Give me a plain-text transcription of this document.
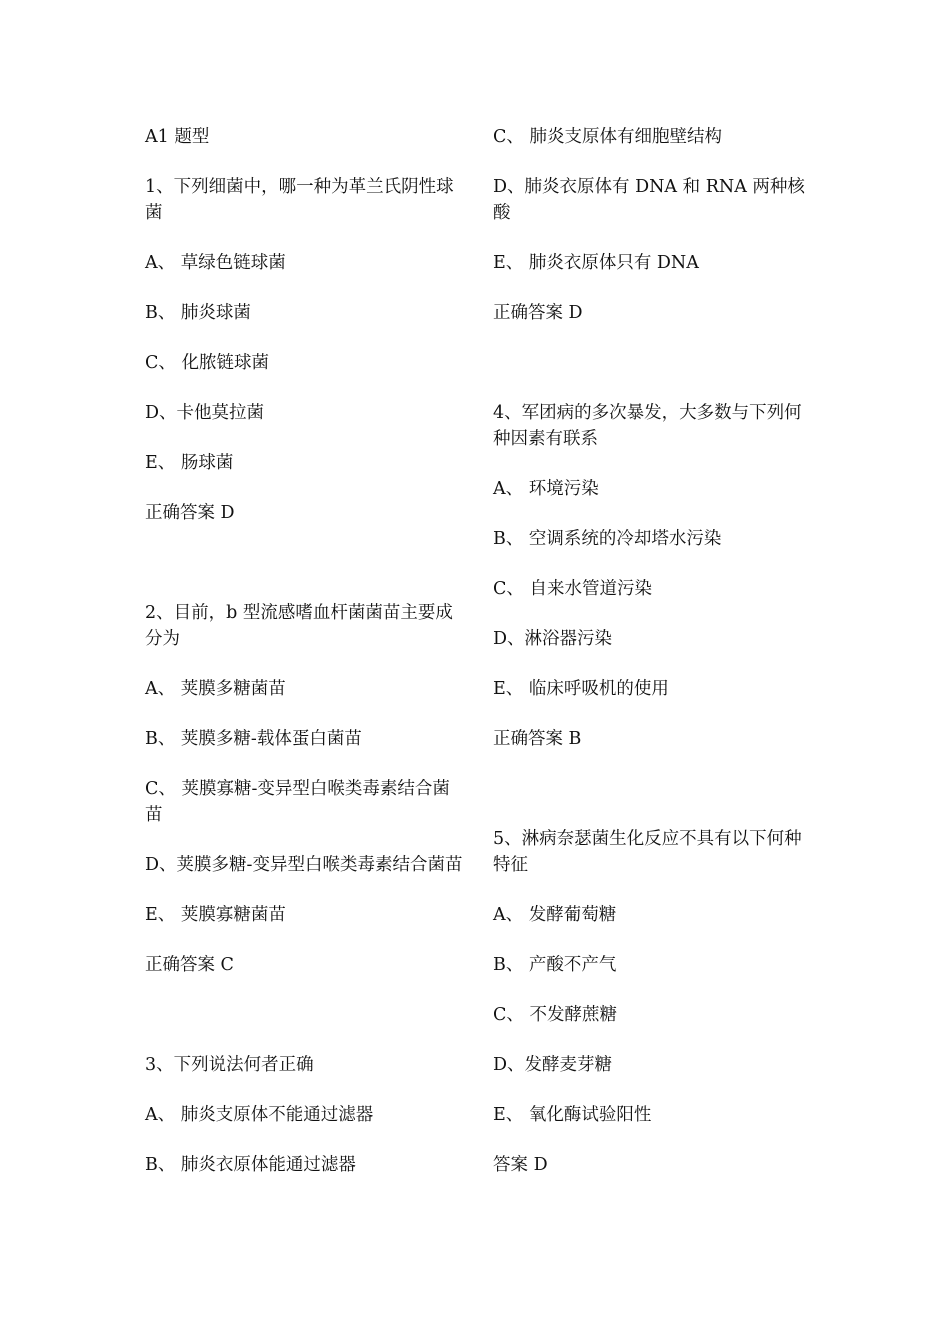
A1 题型

1、下列细菌中，哪一种为革兰氏阴性球菌

A、 草绿色链球菌

B、 肺炎球菌

C、 化脓链球菌

D、卡他莫拉菌

E、 肠球菌

正确答案 D

2、目前，b 型流感嗜血杆菌菌苗主要成分为

A、 荚膜多糖菌苗

B、 荚膜多糖-载体蛋白菌苗

C、 荚膜寡糖-变异型白喉类毒素结合菌苗

D、荚膜多糖-变异型白喉类毒素结合菌苗

E、 荚膜寡糖菌苗

正确答案 C

3、下列说法何者正确

A、 肺炎支原体不能通过滤器

B、 肺炎衣原体能通过滤器

C、 肺炎支原体有细胞壁结构

D、肺炎衣原体有 DNA 和 RNA 两种核酸

E、 肺炎衣原体只有 DNA

正确答案 D

4、军团病的多次暴发，大多数与下列何种因素有联系

A、 环境污染

B、 空调系统的冷却塔水污染

C、 自来水管道污染

D、淋浴器污染

E、 临床呼吸机的使用

正确答案 B

5、淋病奈瑟菌生化反应不具有以下何种特征

A、 发酵葡萄糖

B、 产酸不产气

C、 不发酵蔗糖

D、发酵麦芽糖

E、 氧化酶试验阳性

答案 D
